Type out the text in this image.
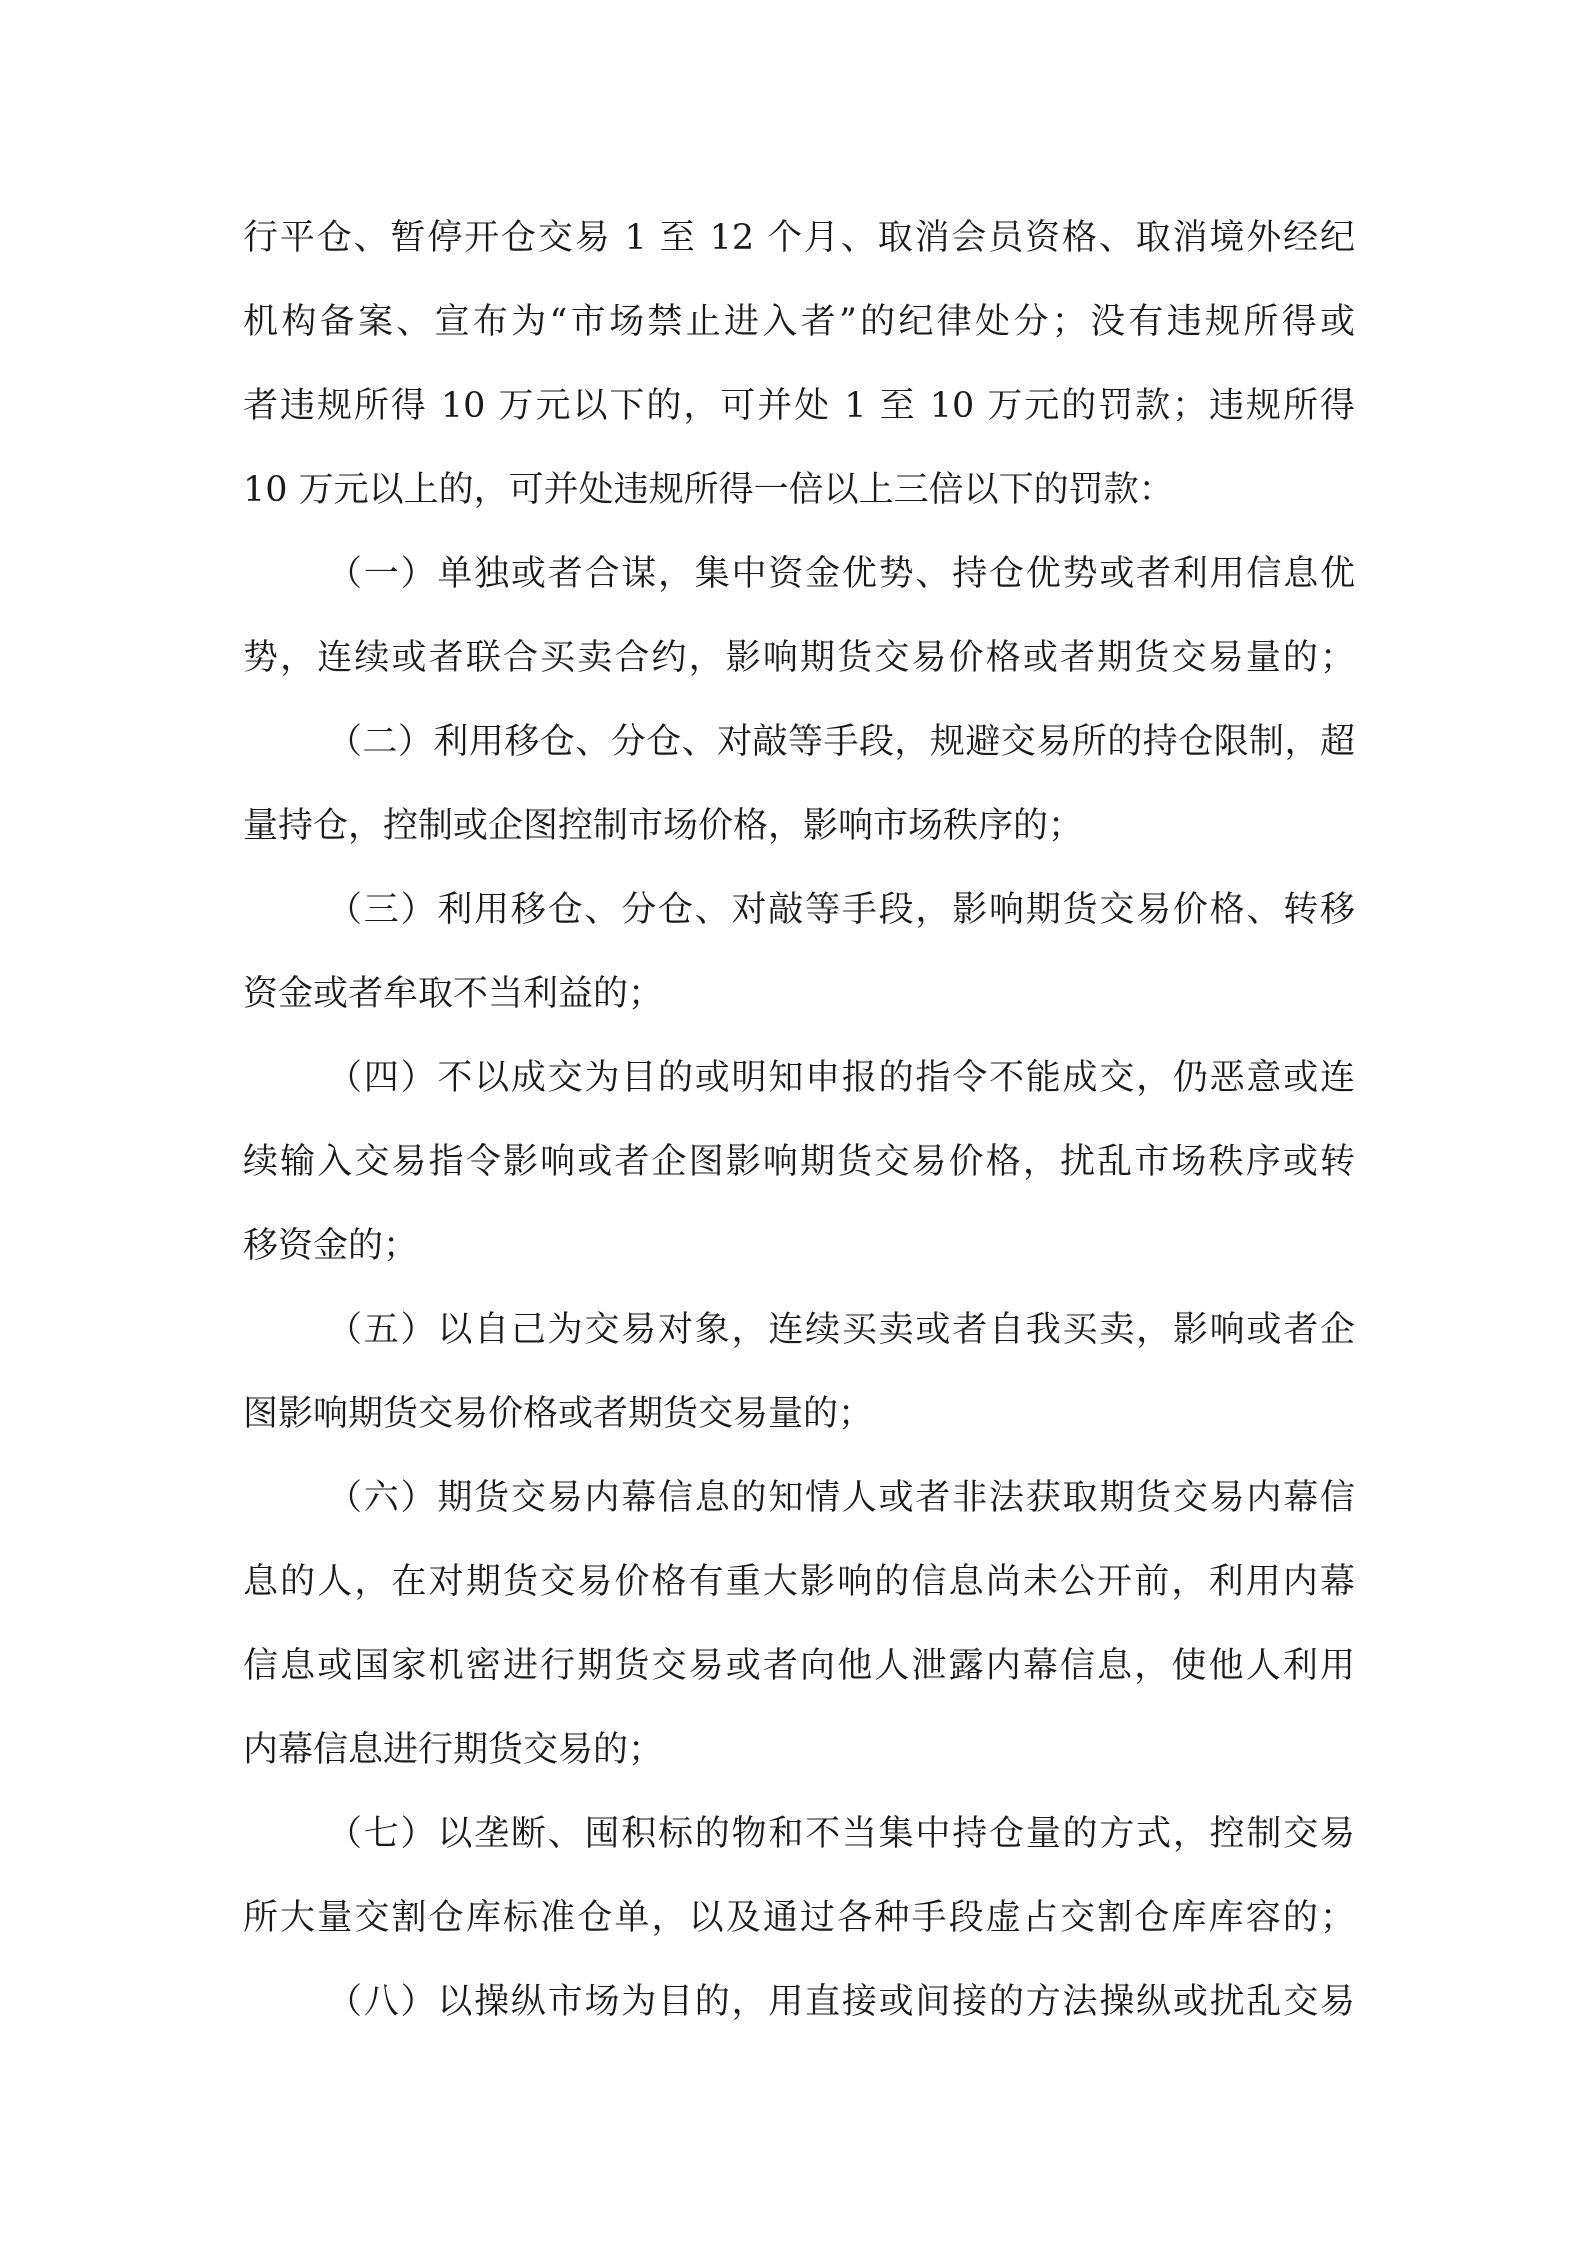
行平仓、暂停开仓交易 1 至 12 个月、取消会员资格、取消境外经纪
机构备案、宣布为“市场禁止进入者”的纪律处分；没有违规所得或
者违规所得 10 万元以下的，可并处 1 至 10 万元的罚款；违规所得
10 万元以上的，可并处违规所得一倍以上三倍以下的罚款：
（一）单独或者合谋，集中资金优势、持仓优势或者利用信息优
势，连续或者联合买卖合约，影响期货交易价格或者期货交易量的；
（二）利用移仓、分仓、对敲等手段，规避交易所的持仓限制，超
量持仓，控制或企图控制市场价格，影响市场秩序的；
（三）利用移仓、分仓、对敲等手段，影响期货交易价格、转移
资金或者牟取不当利益的；
（四）不以成交为目的或明知申报的指令不能成交，仍恶意或连
续输入交易指令影响或者企图影响期货交易价格，扰乱市场秩序或转
移资金的；
（五）以自己为交易对象，连续买卖或者自我买卖，影响或者企
图影响期货交易价格或者期货交易量的；
（六）期货交易内幕信息的知情人或者非法获取期货交易内幕信
息的人，在对期货交易价格有重大影响的信息尚未公开前，利用内幕
信息或国家机密进行期货交易或者向他人泄露内幕信息，使他人利用
内幕信息进行期货交易的；
（七）以垄断、囤积标的物和不当集中持仓量的方式，控制交易
所大量交割仓库标准仓单，以及通过各种手段虚占交割仓库库容的；
（八）以操纵市场为目的，用直接或间接的方法操纵或扰乱交易
